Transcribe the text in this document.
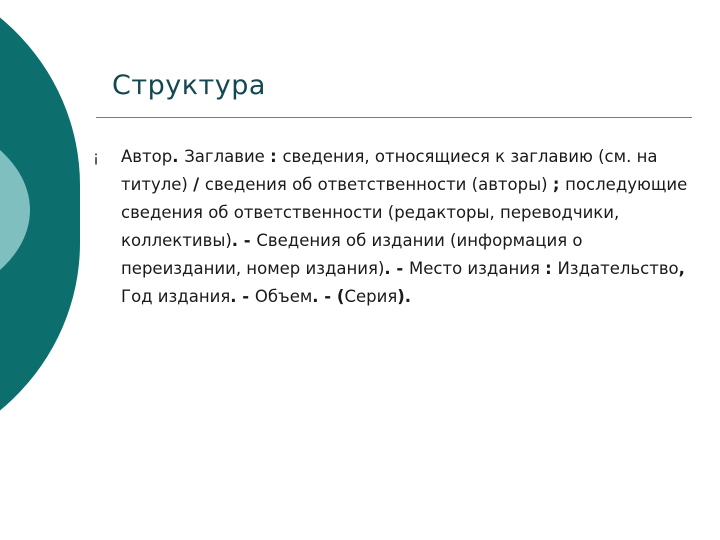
Структура
¡	Автор. Заглавие : сведения, относящиеся к заглавию (см. на титуле) / сведения об ответственности (авторы) ; последующие сведения об ответственности (редакторы, переводчики, коллективы). - Сведения об издании (информация о переиздании, номер издания). - Место издания : Издательство, Год издания. - Объем. - (Серия).
